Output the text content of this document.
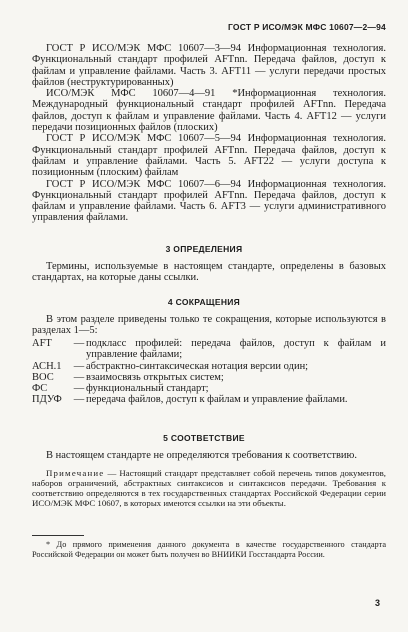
ГОСТ Р ИСО/МЭК МФС 10607—2—94

ГОСТ Р ИСО/МЭК МФС 10607—3—94 Информационная технология. Функциональный стандарт профилей AFTnn. Передача файлов, доступ к файлам и управление файлами. Часть 3. AFT11 — услуги передачи простых файлов (неструктурированных)

ИСО/МЭК МФС 10607—4—91 *Информационная технология. Международный функциональный стандарт профилей AFTnn. Передача файлов, доступ к файлам и управление файлами. Часть 4. AFT12 — услуги передачи позиционных файлов (плоских)

ГОСТ Р ИСО/МЭК МФС 10607—5—94 Информационная технология. Функциональный стандарт профилей AFTnn. Передача файлов, доступ к файлам и управление файлами. Часть 5. AFT22 — услуги доступа к позиционным (плоским) файлам

ГОСТ Р ИСО/МЭК МФС 10607—6—94 Информационная технология. Функциональный стандарт профилей AFTnn. Передача файлов, доступ к файлам и управление файлами. Часть 6. AFT3 — услуги административного управления файлами.

3 ОПРЕДЕЛЕНИЯ
Термины, используемые в настоящем стандарте, определены в базовых стандартах, на которые даны ссылки.
4 СОКРАЩЕНИЯ
В этом разделе приведены только те сокращения, которые используются в разделах 1—5:
AFT	— подкласс профилей: передача файлов, доступ к файлам и управление файлами;
АСН.1	— абстрактно-синтаксическая нотация версии один;
ВОС	— взаимосвязь открытых систем;
ФС	— функциональный стандарт;
ПДУФ	— передача файлов, доступ к файлам и управление файлами.
5 СООТВЕТСТВИЕ
В настоящем стандарте не определяются требования к соответствию.
Примечание — Настоящий стандарт представляет собой перечень типов документов, наборов ограничений, абстрактных синтаксисов и синтаксисов передачи. Требования к соответствию определяются в тех государственных стандартах Российской Федерации серии ИСО/МЭК МФС 10607, в которых имеются ссылки на эти объекты.
* До прямого применения данного документа в качестве государственного стандарта Российской Федерации он может быть получен во ВНИИКИ Госстандарта России.
3
